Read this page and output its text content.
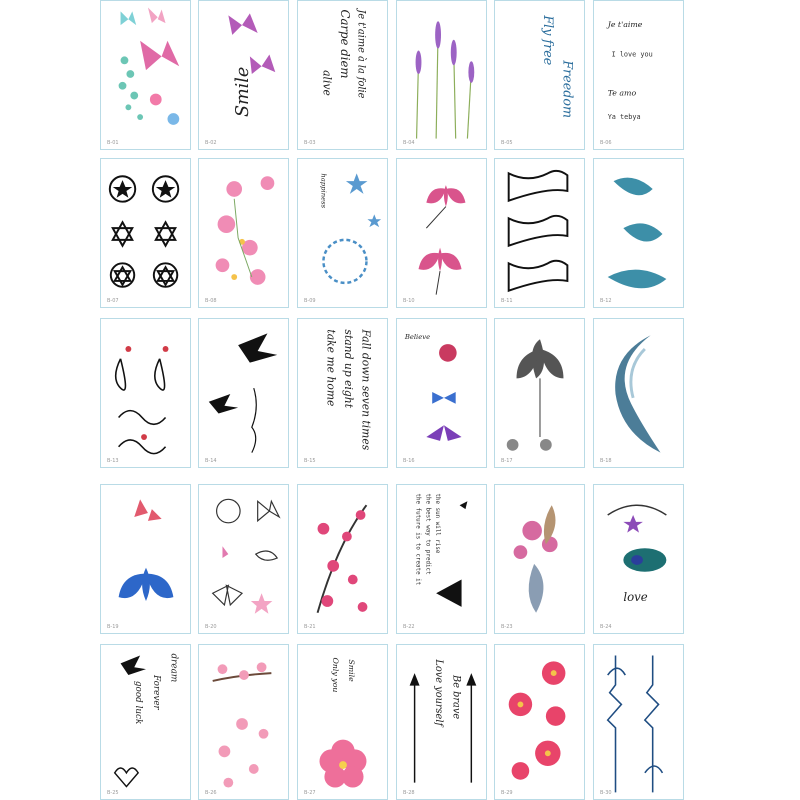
B-01
Smile
B-02
Je t'aime à la folie
Carpe diem
alive
B-03	B-04
Fly free
Freedom
B-05
Je t'aime
I love you
Te amo
Ya tebya
B-06
B-07	B-08
happiness
B-09	B-10	B-11	B-12
B-13	B-14
Fall down seven times
stand up eight
take me home
B-15
Believe
B-16	B-17	B-18
B-19	B-20	B-21
the best way to predict
the future is to create it the sun will rise
B-22	B-23
love
B-24
good luck Forever
dream
B-25	B-26
Only you Smile
B-27
Love yourself Be brave
B-28	B-29	B-30
